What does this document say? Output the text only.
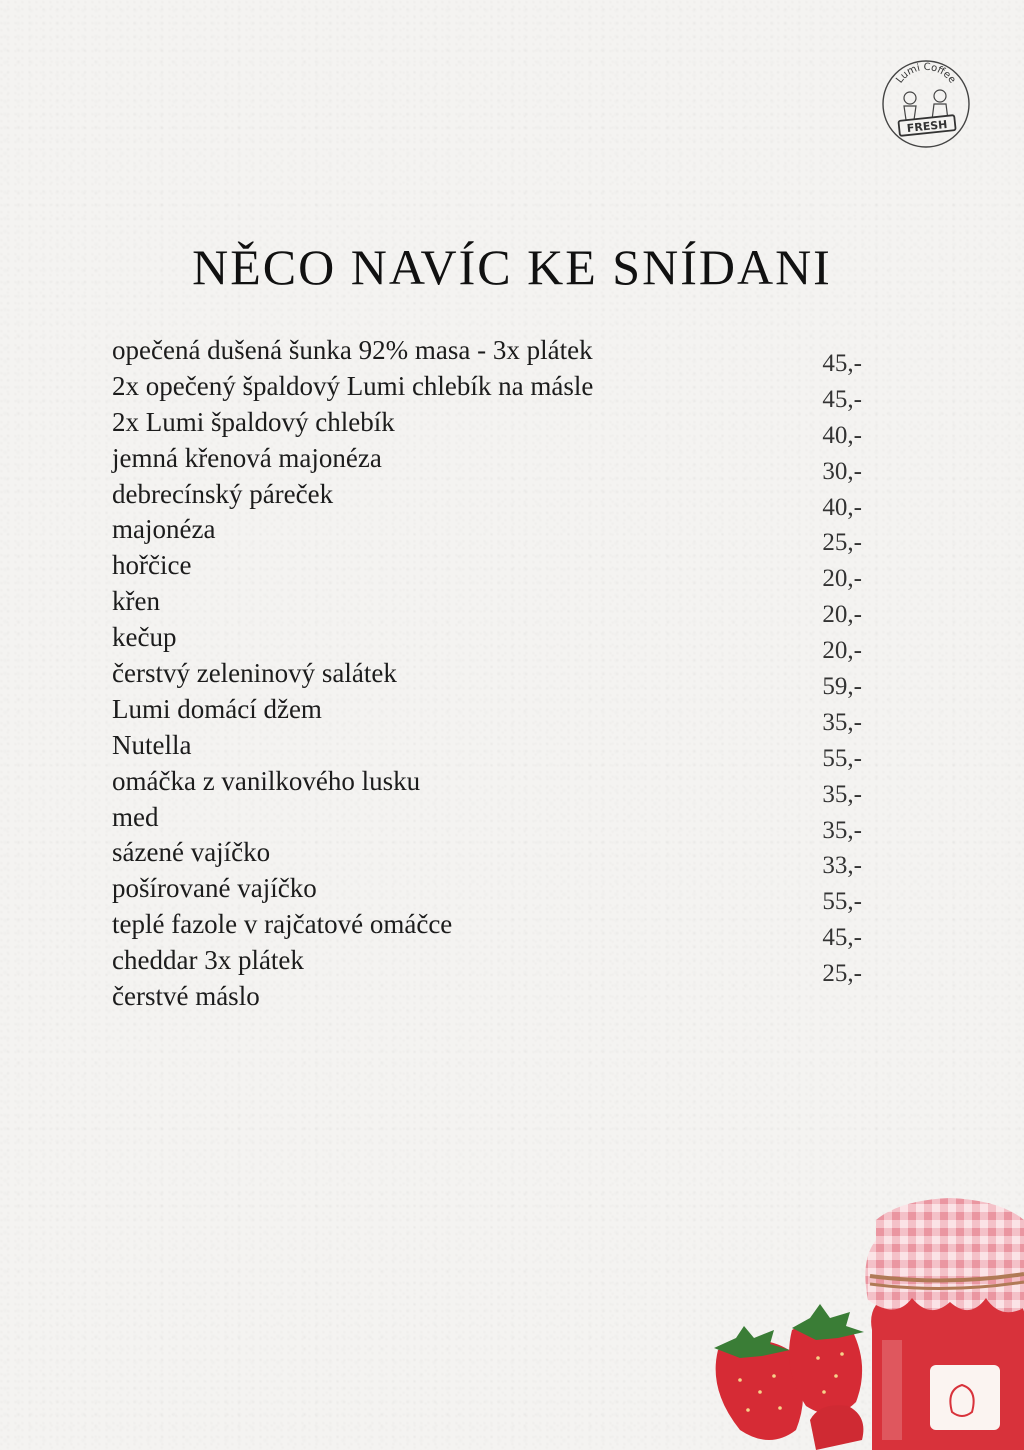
Lumi Coffee
FRESH
NĚCO NAVÍC KE SNÍDANI
opečená dušená šunka 92% masa - 3x plátek	45,-
2x opečený špaldový Lumi chlebík na másle	45,-
2x Lumi špaldový chlebík	40,-
jemná křenová majonéza	30,-
debrecínský páreček	40,-
majonéza	25,-
hořčice	20,-
křen	20,-
kečup	20,-
čerstvý zeleninový salátek	59,-
Lumi domácí džem	35,-
Nutella	55,-
omáčka z vanilkového lusku	35,-
med	35,-
sázené vajíčko	33,-
pošírované vajíčko	55,-
teplé fazole v rajčatové omáčce	45,-
cheddar 3x plátek	25,-
čerstvé máslo
